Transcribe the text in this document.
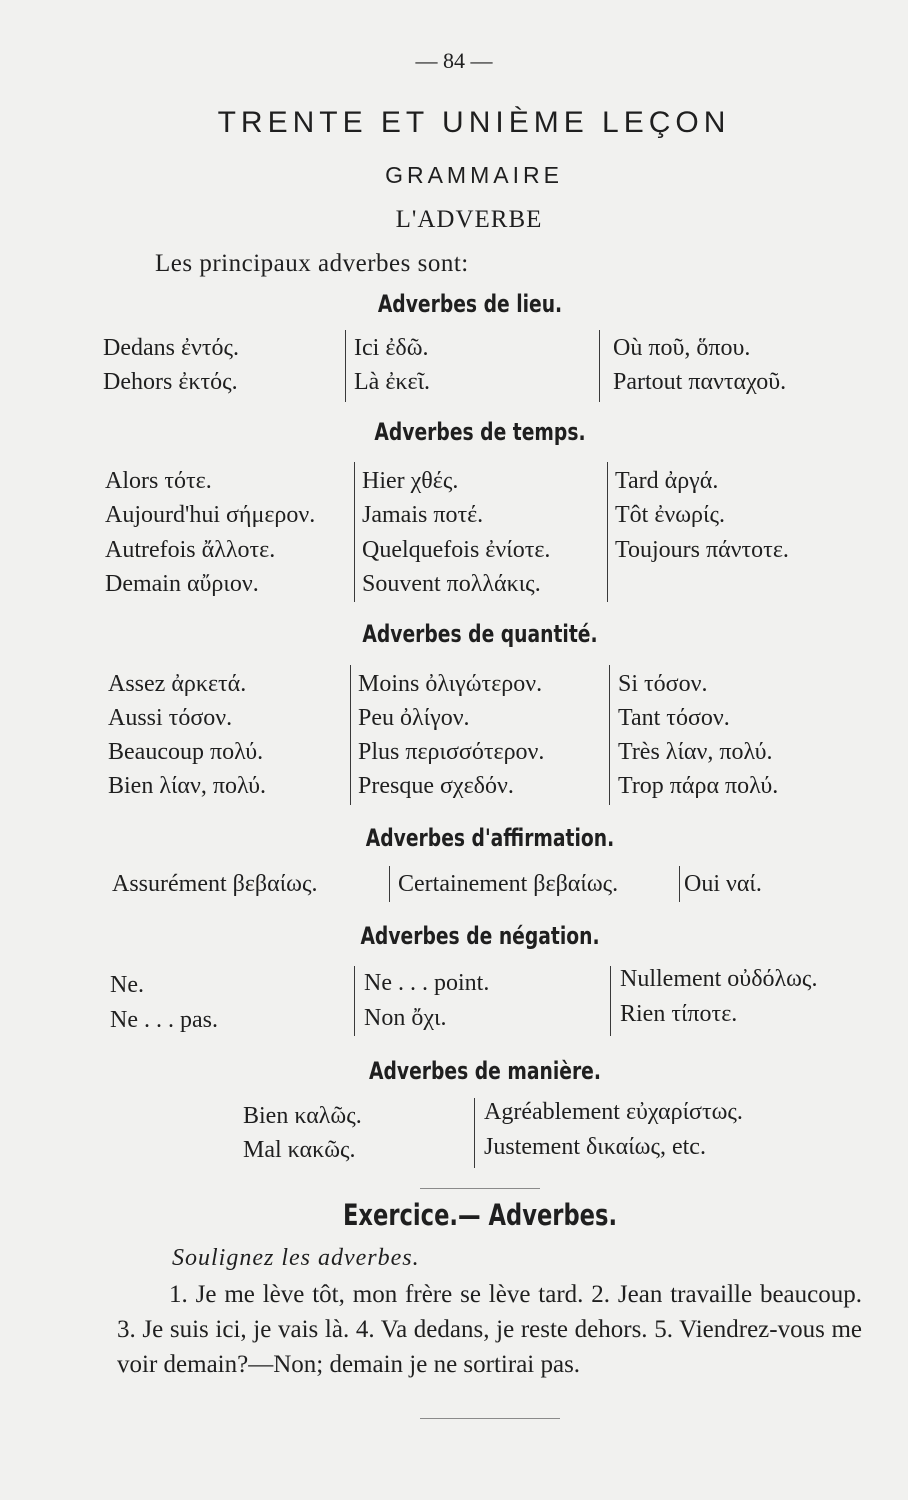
— 84 —
TRENTE ET UNIÈME LEÇON
GRAMMAIRE
L'ADVERBE
Les principaux adverbes sont:
Adverbes de lieu.
Dedans ἐντός.
Dehors ἐκτός.
Ici ἐδῶ.
Là ἐκεῖ.
Où ποῦ, ὅπου.
Partout πανταχοῦ.
Adverbes de temps.
Alors τότε.
Aujourd'hui σήμερον.
Autrefois ἄλλοτε.
Demain αὔριον.
Hier χθές.
Jamais ποτέ.
Quelquefois ἐνίοτε.
Souvent πολλάκις.
Tard ἀργά.
Tôt ἐνωρίς.
Toujours πάντοτε.
Adverbes de quantité.
Assez ἀρκετά.
Aussi τόσον.
Beaucoup πολύ.
Bien λίαν, πολύ.
Moins ὀλιγώτερον.
Peu ὀλίγον.
Plus περισσότερον.
Presque σχεδόν.
Si τόσον.
Tant τόσον.
Très λίαν, πολύ.
Trop πάρα πολύ.
Adverbes d'affirmation.
Assurément βεβαίως.	Certainement βεβαίως.	Oui ναί.
Adverbes de négation.
Ne.
Ne . . . pas.
Ne . . . point.
Non ὄχι.
Nullement οὐδόλως.
Rien τίποτε.
Adverbes de manière.
Bien καλῶς.
Mal κακῶς.
Agréablement εὐχαρίστως.
Justement δικαίως, etc.
Exercice.— Adverbes.
Soulignez les adverbes.
1. Je me lève tôt, mon frère se lève tard. 2. Jean travaille beaucoup. 3. Je suis ici, je vais là. 4. Va dedans, je reste dehors. 5. Viendrez-vous me voir demain?—Non; demain je ne sortirai pas.
